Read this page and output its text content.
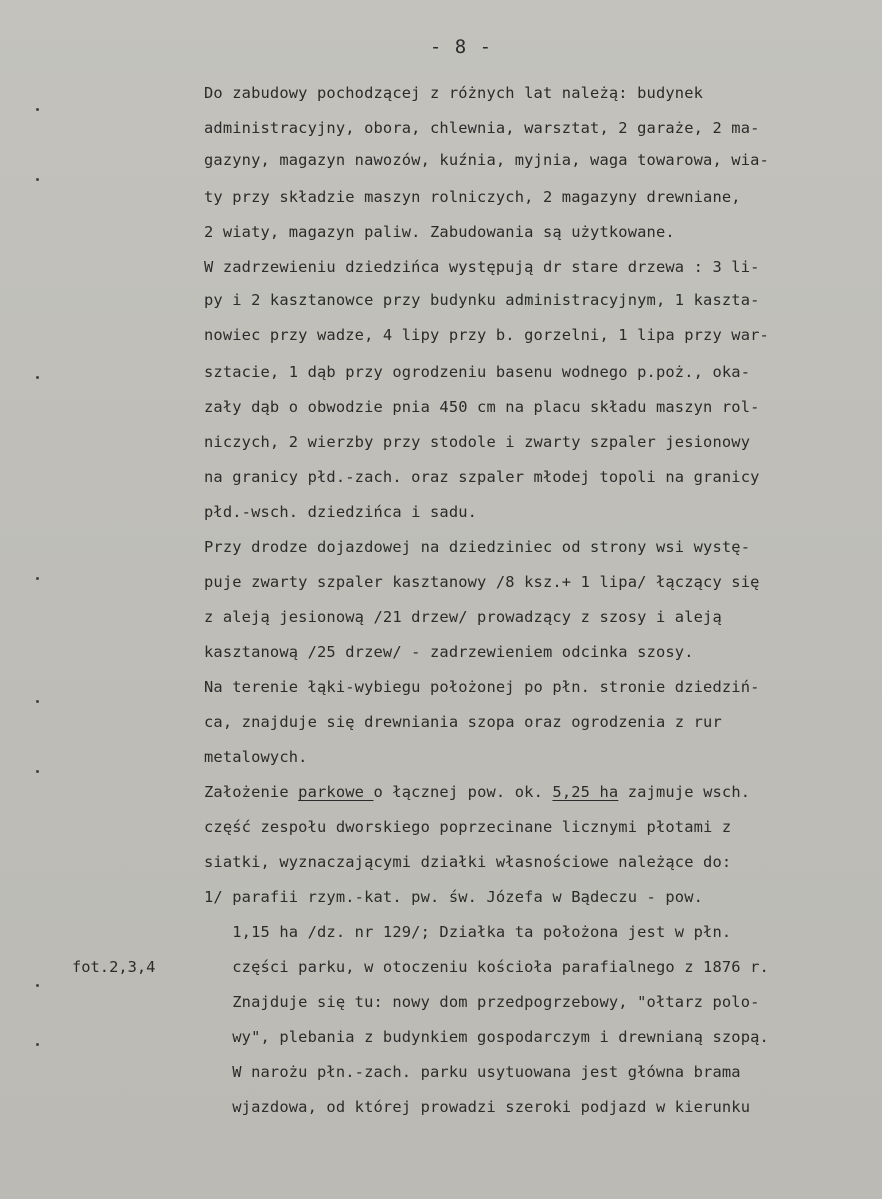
- 8 -
fot.2,3,4
Do zabudowy pochodzącej z różnych lat należą: budynek
administracyjny, obora, chlewnia, warsztat, 2 garaże, 2 ma-
gazyny, magazyn nawozów, kuźnia, myjnia, waga towarowa, wia-
ty przy składzie maszyn rolniczych, 2 magazyny drewniane,
2 wiaty, magazyn paliw. Zabudowania są użytkowane.
W zadrzewieniu dziedzińca występują dr stare drzewa : 3 li-
py i 2 kasztanowce przy budynku administracyjnym, 1 kaszta-
nowiec przy wadze, 4 lipy przy b. gorzelni, 1 lipa przy war-
sztacie, 1 dąb przy ogrodzeniu basenu wodnego p.poż., oka-
zały dąb o obwodzie pnia 450 cm na placu składu maszyn rol-
niczych, 2 wierzby przy stodole i zwarty szpaler jesionowy
na granicy płd.-zach. oraz szpaler młodej topoli na granicy
płd.-wsch. dziedzińca i sadu.
Przy drodze dojazdowej na dziedziniec od strony wsi wystę-
puje zwarty szpaler kasztanowy /8 ksz.+ 1 lipa/ łączący się
z aleją jesionową /21 drzew/ prowadzący z szosy i aleją
kasztanową /25 drzew/ - zadrzewieniem odcinka szosy.
Na terenie łąki-wybiegu położonej po płn. stronie dziedziń-
ca, znajduje się drewniania szopa oraz ogrodzenia z rur
metalowych.
Założenie parkowe o łącznej pow. ok. 5,25 ha zajmuje wsch.
część zespołu dworskiego poprzecinane licznymi płotami z
siatki, wyznaczającymi działki własnościowe należące do:
1/ parafii rzym.-kat. pw. św. Józefa w Bądeczu - pow.
1,15 ha /dz. nr 129/; Działka ta położona jest w płn.
części parku, w otoczeniu kościoła parafialnego z 1876 r.
Znajduje się tu: nowy dom przedpogrzebowy, "ołtarz polo-
wy", plebania z budynkiem gospodarczym i drewnianą szopą.
W narożu płn.-zach. parku usytuowana jest główna brama
wjazdowa, od której prowadzi szeroki podjazd w kierunku
